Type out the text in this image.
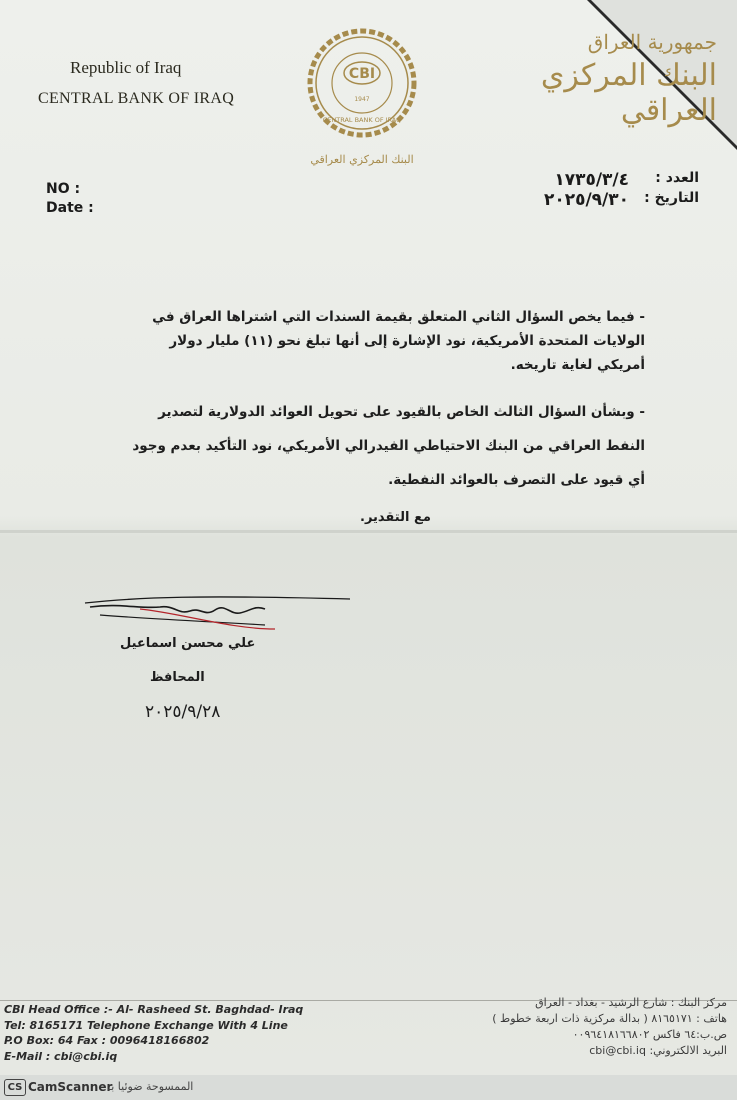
Republic of Iraq
CENTRAL BANK OF IRAQ
CBI
1947
CENTRAL BANK OF IRAQ
البنك المركزي العراقي
جمهورية العراق
البنك المركزي العراقي
NO :
Date :
العدد :
١٧٣٥/٣/٤
التاريخ :
٢٠٢٥/٩/٣٠
- فيما يخص السؤال الثاني المتعلق بقيمة السندات التي اشتراها العراق في الولايات المتحدة الأمريكية، نود الإشارة إلى أنها تبلغ نحو (١١) مليار دولار أمريكي لغاية تاريخه.
- وبشأن السؤال الثالث الخاص بالقيود على تحويل العوائد الدولارية لتصدير النفط العراقي من البنك الاحتياطي الفيدرالي الأمريكي، نود التأكيد بعدم وجود أي قيود على التصرف بالعوائد النفطية.
مع التقدير.
علي محسن اسماعيل
المحافظ
٢٠٢٥/٩/٢٨
CBI Head Office :- Al- Rasheed St. Baghdad- Iraq
Tel: 8165171 Telephone Exchange With 4 Line
P.O Box: 64 Fax : 0096418166802
E-Mail : cbi@cbi.iq
مركز البنك : شارع الرشيد - بغداد - العراق
هاتف : ٨١٦٥١٧١ ( بدالة مركزية ذات اربعة خطوط )
ص.ب:٦٤ فاكس ٠٠٩٦٤١٨١٦٦٨٠٢
البريد الالكتروني: cbi@cbi.iq
CS CamScanner
الممسوحة ضوئيا بـ
